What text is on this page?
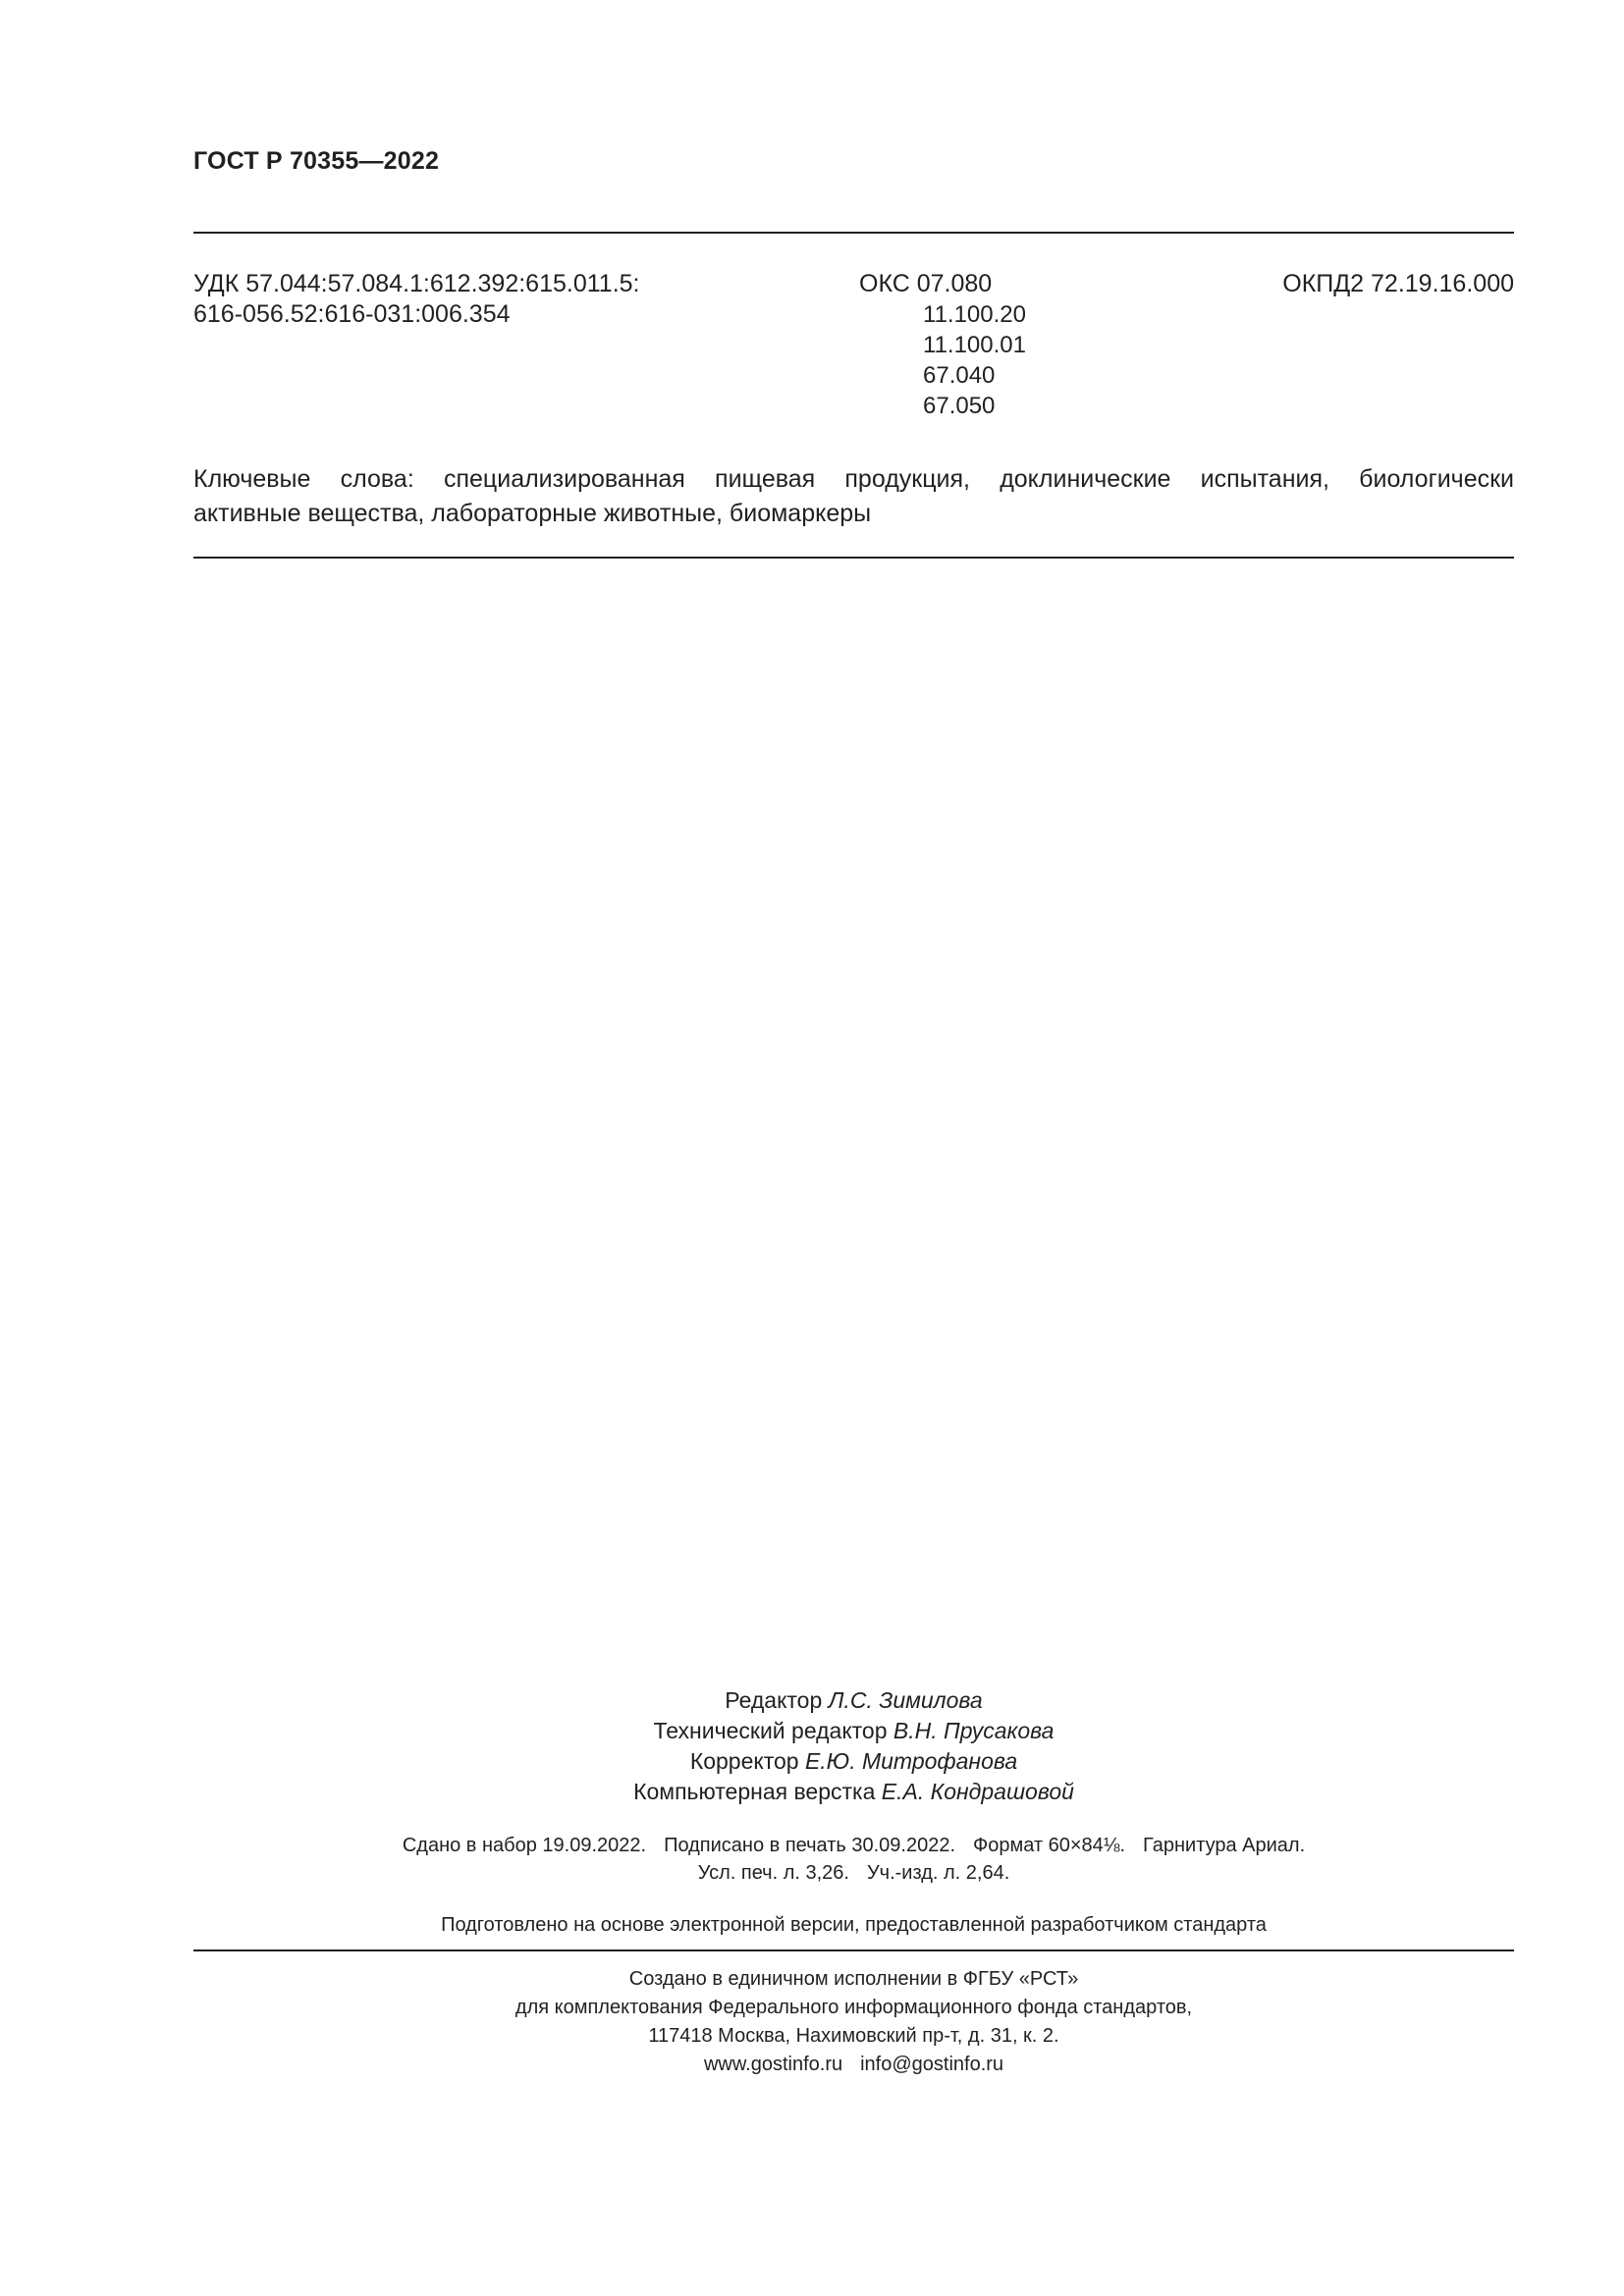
ГОСТ Р 70355—2022
УДК 57.044:57.084.1:612.392:615.011.5:
616-056.52:616-031:006.354
ОКС 07.080
11.100.20
11.100.01
67.040
67.050
ОКПД2 72.19.16.000
Ключевые слова: специализированная пищевая продукция, доклинические испытания, биологически
активные вещества, лабораторные животные, биомаркеры
Редактор Л.С. Зимилова
Технический редактор В.Н. Прусакова
Корректор Е.Ю. Митрофанова
Компьютерная верстка Е.А. Кондрашовой
Сдано в набор 19.09.2022. Подписано в печать 30.09.2022. Формат 60×84⅛. Гарнитура Ариал.
Усл. печ. л. 3,26. Уч.-изд. л. 2,64.
Подготовлено на основе электронной версии, предоставленной разработчиком стандарта
Создано в единичном исполнении в ФГБУ «РСТ»
для комплектования Федерального информационного фонда стандартов,
117418 Москва, Нахимовский пр-т, д. 31, к. 2.
www.gostinfo.ru info@gostinfo.ru
